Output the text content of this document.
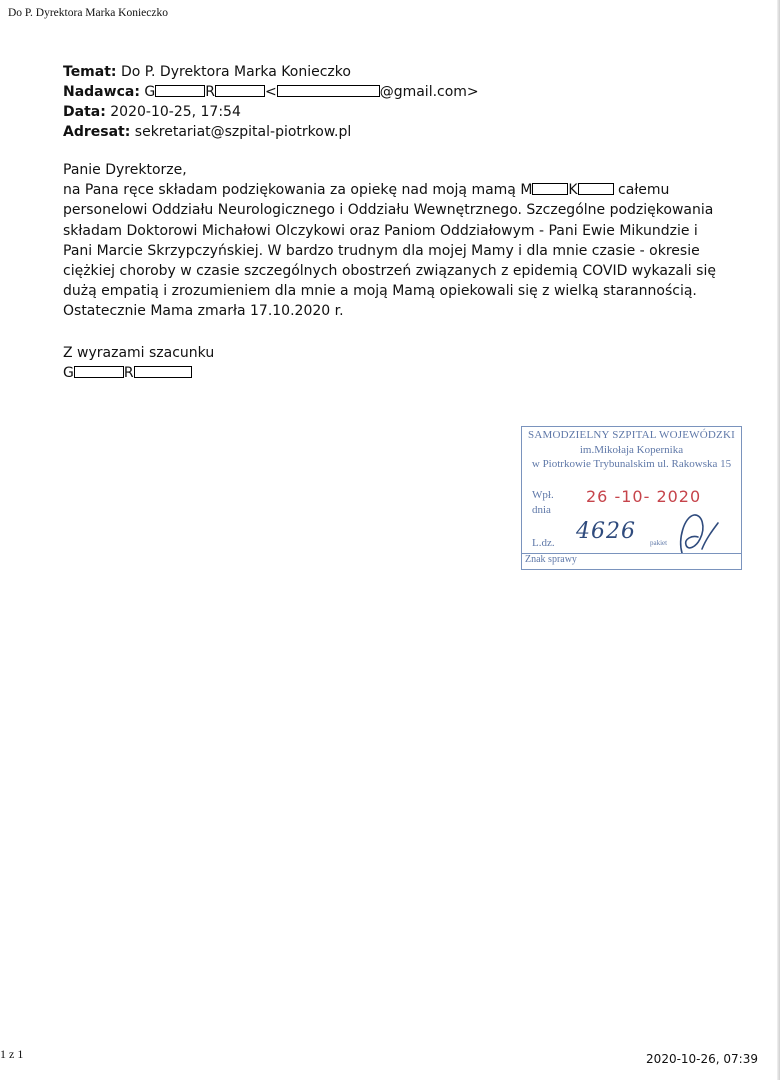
Do P. Dyrektora Marka Konieczko
Temat: Do P. Dyrektora Marka Konieczko
Nadawca: G	R	<	@gmail.com>
Data: 2020-10-25, 17:54
Adresat: sekretariat@szpital-piotrkow.pl

Panie Dyrektorze,

na Pana ręce składam podziękowania za opiekę nad moją mamą M	K	całemu personelowi Oddziału Neurologicznego i Oddziału Wewnętrznego. Szczególne podziękowania składam Doktorowi Michałowi Olczykowi oraz Paniom Oddziałowym - Pani Ewie Mikundzie i Pani Marcie Skrzypczyńskiej. W bardzo trudnym dla mojej Mamy i dla mnie czasie - okresie ciężkiej choroby w czasie szczególnych obostrzeń związanych z epidemią COVID wykazali się dużą empatią i zrozumieniem dla mnie a moją Mamą opiekowali się z wielką starannością. Ostatecznie Mama zmarła 17.10.2020 r.

Z wyrazami szacunku
G	R
SAMODZIELNY SZPITAL WOJEWÓDZKI
im.Mikołaja Kopernika
w Piotrkowie Trybunalskim ul. Rakowska 15
Wpł.
dnia
26 -10- 2020
L.dz. 4626 pakiet
Znak sprawy
1 z 1	2020-10-26, 07:39
